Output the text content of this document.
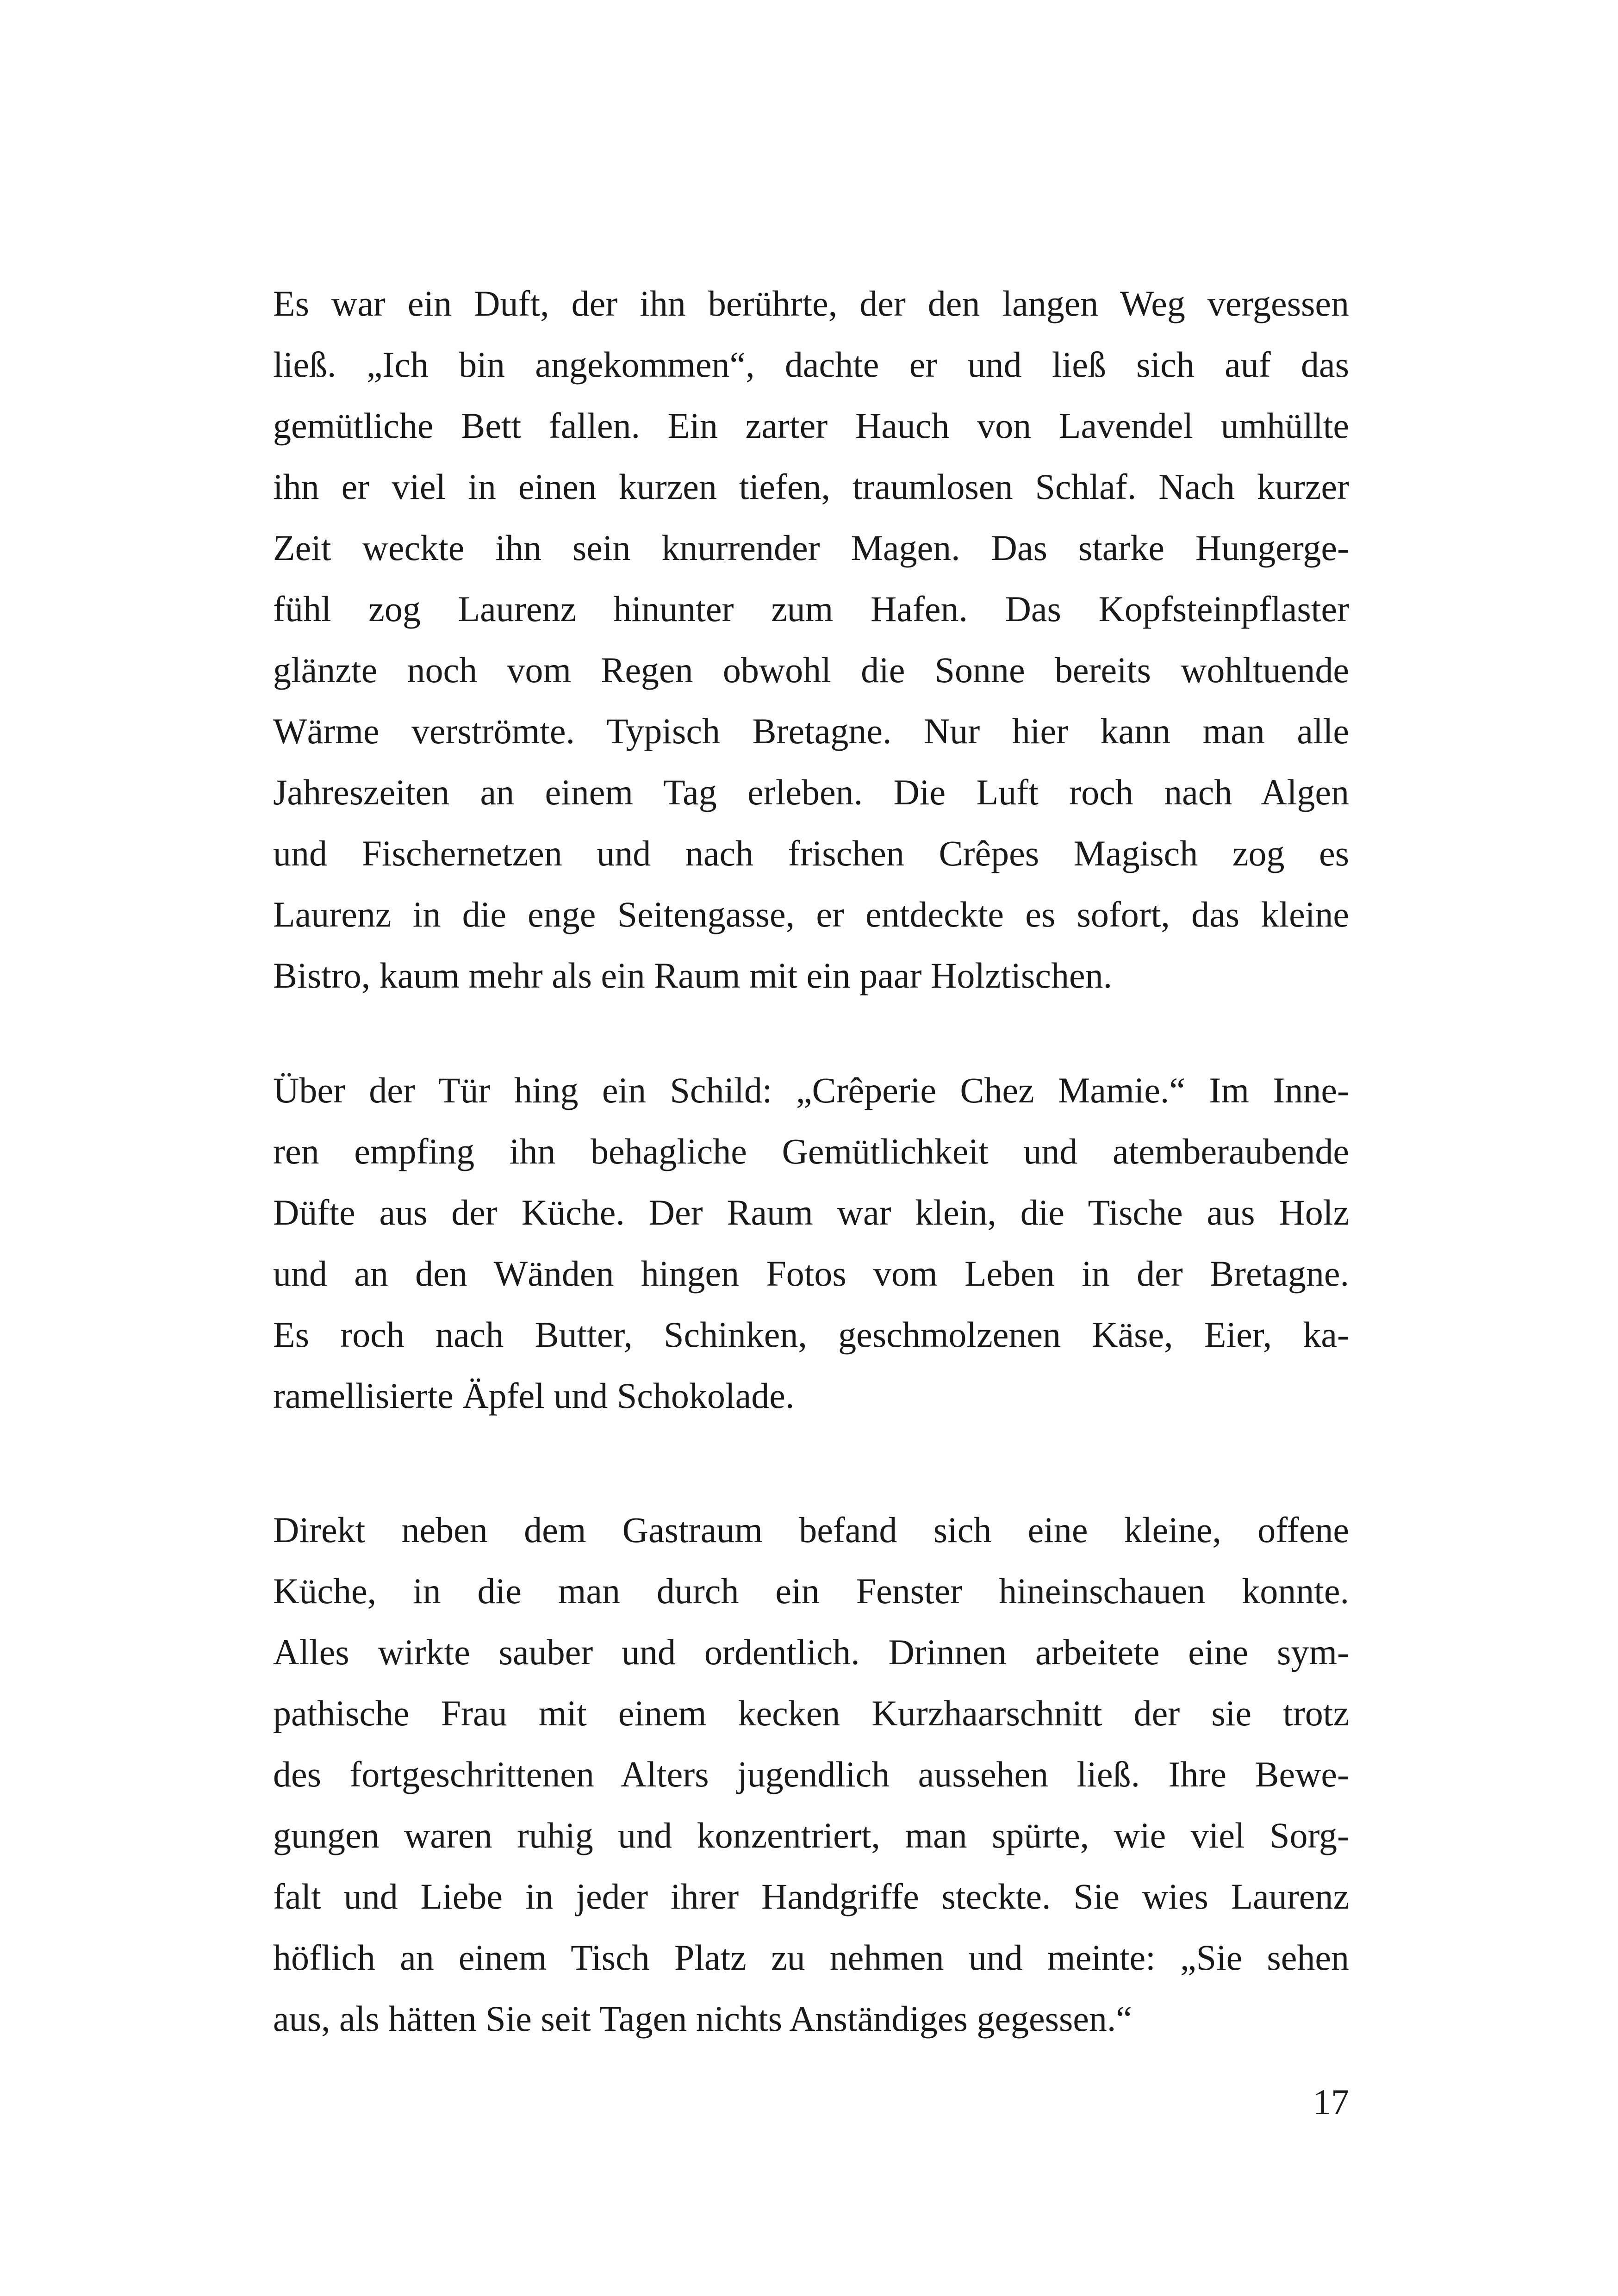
Es war ein Duft, der ihn berührte, der den langen Weg vergessen
ließ. „Ich bin angekommen“, dachte er und ließ sich auf das
gemütliche Bett fallen. Ein zarter Hauch von Lavendel umhüllte
ihn er viel in einen kurzen tiefen, traumlosen Schlaf. Nach kurzer
Zeit weckte ihn sein knurrender Magen. Das starke Hungerge-
fühl zog Laurenz hinunter zum Hafen. Das Kopfsteinpflaster
glänzte noch vom Regen obwohl die Sonne bereits wohltuende
Wärme verströmte. Typisch Bretagne. Nur hier kann man alle
Jahreszeiten an einem Tag erleben. Die Luft roch nach Algen
und Fischernetzen und nach frischen Crêpes Magisch zog es
Laurenz in die enge Seitengasse, er entdeckte es sofort, das kleine
Bistro, kaum mehr als ein Raum mit ein paar Holztischen.
Über der Tür hing ein Schild: „Crêperie Chez Mamie.“ Im Inne-
ren empfing ihn behagliche Gemütlichkeit und atemberaubende
Düfte aus der Küche. Der Raum war klein, die Tische aus Holz
und an den Wänden hingen Fotos vom Leben in der Bretagne.
Es roch nach Butter, Schinken, geschmolzenen Käse, Eier, ka-
ramellisierte Äpfel und Schokolade.
Direkt neben dem Gastraum befand sich eine kleine, offene
Küche, in die man durch ein Fenster hineinschauen konnte.
Alles wirkte sauber und ordentlich. Drinnen arbeitete eine sym-
pathische Frau mit einem kecken Kurzhaarschnitt der sie trotz
des fortgeschrittenen Alters jugendlich aussehen ließ. Ihre Bewe-
gungen waren ruhig und konzentriert, man spürte, wie viel Sorg-
falt und Liebe in jeder ihrer Handgriffe steckte. Sie wies Laurenz
höflich an einem Tisch Platz zu nehmen und meinte: „Sie sehen
aus, als hätten Sie seit Tagen nichts Anständiges gegessen.“
17
